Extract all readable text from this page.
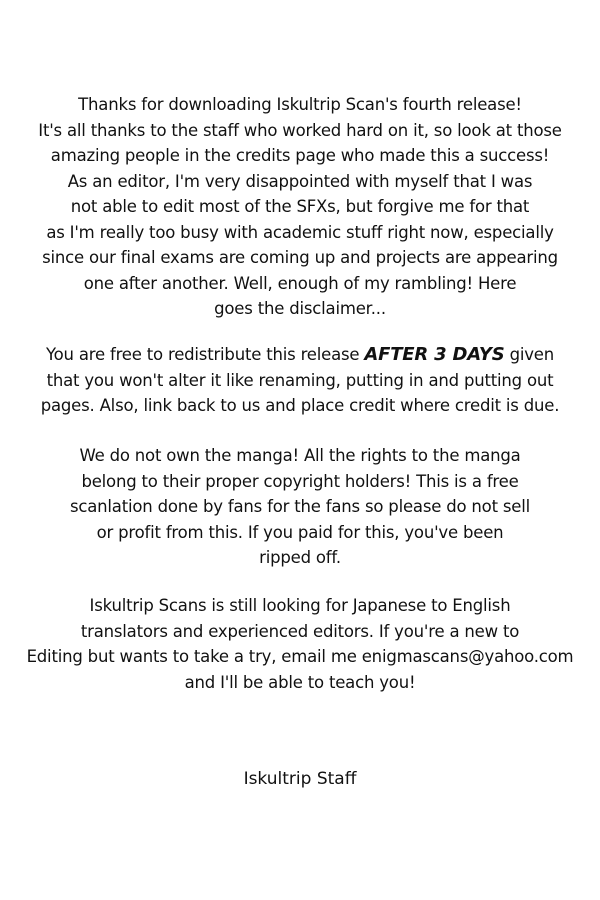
Thanks for downloading Iskultrip Scan's fourth release!
It's all thanks to the staff who worked hard on it, so look at those
amazing people in the credits page who made this a success!
As an editor, I'm very disappointed with myself that I was
not able to edit most of the SFXs, but forgive me for that
as I'm really too busy with academic stuff right now, especially
since our final exams are coming up and projects are appearing
one after another. Well, enough of my rambling! Here
goes the disclaimer...

You are free to redistribute this release AFTER 3 DAYS given
that you won't alter it like renaming, putting in and putting out
pages. Also, link back to us and place credit where credit is due.

We do not own the manga! All the rights to the manga
belong to their proper copyright holders! This is a free
scanlation done by fans for the fans so please do not sell
or profit from this. If you paid for this, you've been
ripped off.

Iskultrip Scans is still looking for Japanese to English
translators and experienced editors. If you're a new to
Editing but wants to take a try, email me enigmascans@yahoo.com
and I'll be able to teach you!

Iskultrip Staff
